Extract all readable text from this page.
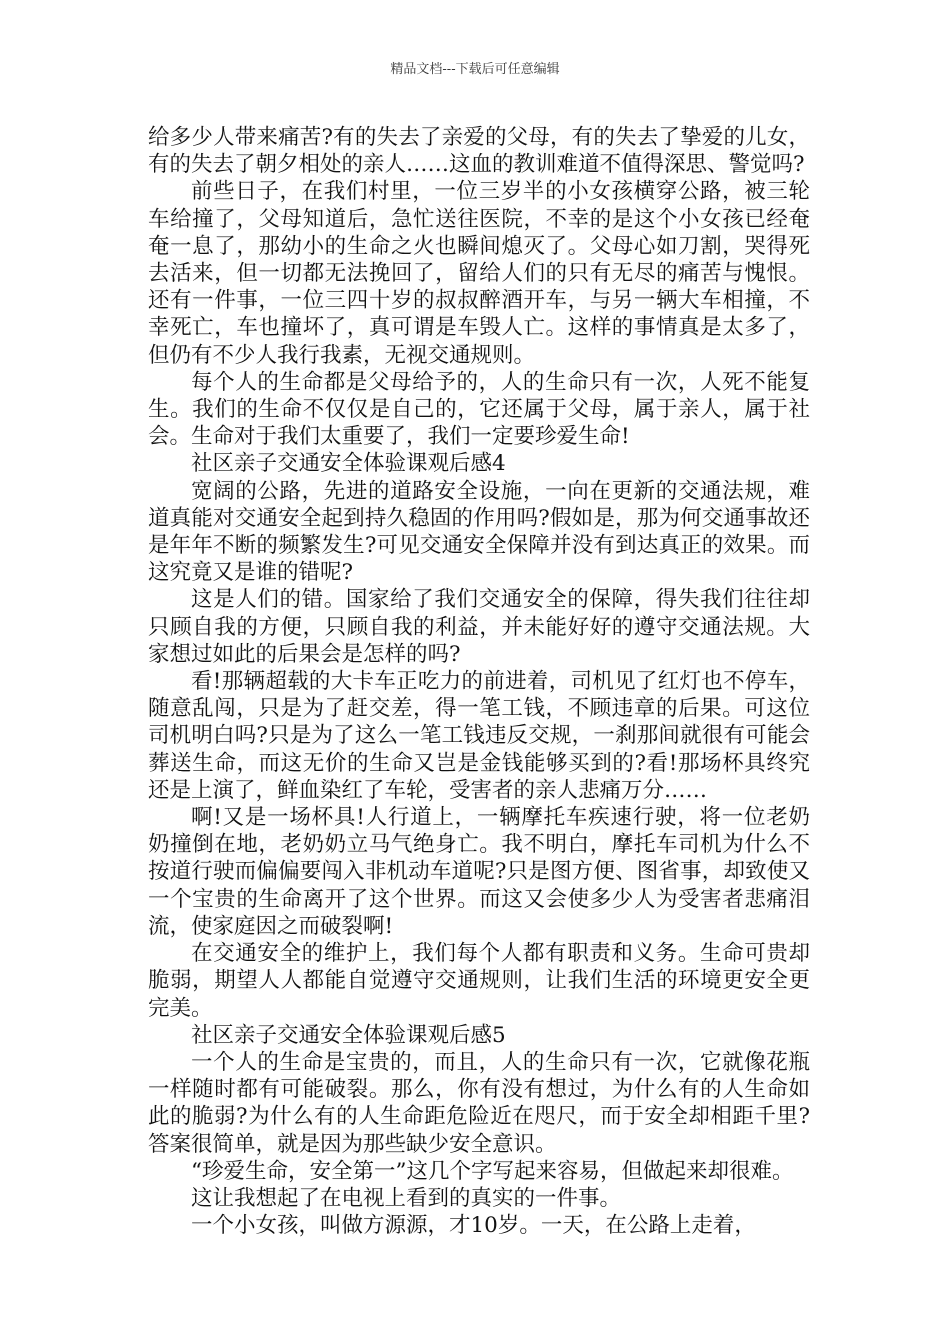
精品文档---下载后可任意编辑

给多少人带来痛苦?有的失去了亲爱的父母，有的失去了挚爱的儿女，有的失去了朝夕相处的亲人……这血的教训难道不值得深思、警觉吗?

前些日子，在我们村里，一位三岁半的小女孩横穿公路，被三轮车给撞了，父母知道后，急忙送往医院，不幸的是这个小女孩已经奄奄一息了，那幼小的生命之火也瞬间熄灭了。父母心如刀割，哭得死去活来，但一切都无法挽回了，留给人们的只有无尽的痛苦与愧恨。还有一件事，一位三四十岁的叔叔醉酒开车，与另一辆大车相撞，不幸死亡，车也撞坏了，真可谓是车毁人亡。这样的事情真是太多了，但仍有不少人我行我素，无视交通规则。

每个人的生命都是父母给予的，人的生命只有一次，人死不能复生。我们的生命不仅仅是自己的，它还属于父母，属于亲人，属于社会。生命对于我们太重要了，我们一定要珍爱生命!

社区亲子交通安全体验课观后感4

宽阔的公路，先进的道路安全设施，一向在更新的交通法规，难道真能对交通安全起到持久稳固的作用吗?假如是，那为何交通事故还是年年不断的频繁发生?可见交通安全保障并没有到达真正的效果。而这究竟又是谁的错呢?

这是人们的错。国家给了我们交通安全的保障，得失我们往往却只顾自我的方便，只顾自我的利益，并未能好好的遵守交通法规。大家想过如此的后果会是怎样的吗?

看!那辆超载的大卡车正吃力的前进着，司机见了红灯也不停车，随意乱闯，只是为了赶交差，得一笔工钱，不顾违章的后果。可这位司机明白吗?只是为了这么一笔工钱违反交规，一刹那间就很有可能会葬送生命，而这无价的生命又岂是金钱能够买到的?看!那场杯具终究还是上演了，鲜血染红了车轮，受害者的亲人悲痛万分……

啊!又是一场杯具!人行道上，一辆摩托车疾速行驶，将一位老奶奶撞倒在地，老奶奶立马气绝身亡。我不明白，摩托车司机为什么不按道行驶而偏偏要闯入非机动车道呢?只是图方便、图省事，却致使又一个宝贵的生命离开了这个世界。而这又会使多少人为受害者悲痛泪流，使家庭因之而破裂啊!

在交通安全的维护上，我们每个人都有职责和义务。生命可贵却脆弱，期望人人都能自觉遵守交通规则，让我们生活的环境更安全更完美。

社区亲子交通安全体验课观后感5

一个人的生命是宝贵的，而且，人的生命只有一次，它就像花瓶一样随时都有可能破裂。那么，你有没有想过，为什么有的人生命如此的脆弱?为什么有的人生命距危险近在咫尺，而于安全却相距千里?答案很简单，就是因为那些缺少安全意识。

“珍爱生命，安全第一”这几个字写起来容易，但做起来却很难。

这让我想起了在电视上看到的真实的一件事。

一个小女孩，叫做方源源，才10岁。一天，在公路上走着，
